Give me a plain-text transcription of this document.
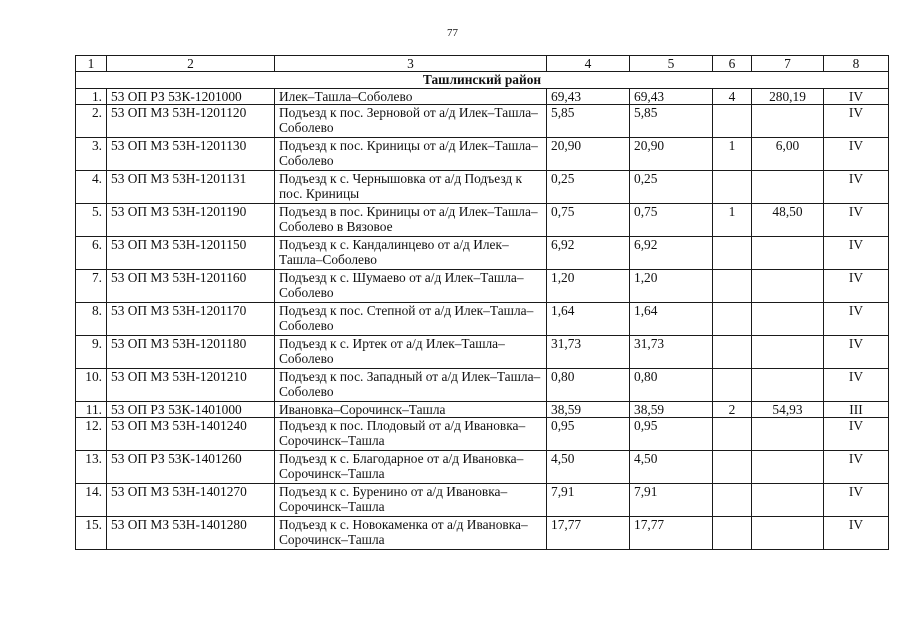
77
1	2	3	4	5	6	7	8
Ташлинский район							
1.	53 ОП РЗ 53К-1201000	Илек–Ташла–Соболево	69,43	69,43	4	280,19	IV
2.	53 ОП МЗ 53Н-1201120	Подъезд к пос. Зерновой от а/д Илек–Ташла–Соболево	5,85	5,85			IV
3.	53 ОП МЗ 53Н-1201130	Подъезд к пос. Криницы от а/д Илек–Ташла–Соболево	20,90	20,90	1	6,00	IV
4.	53 ОП МЗ 53Н-1201131	Подъезд к с. Чернышовка от а/д Подъезд к пос. Криницы	0,25	0,25			IV
5.	53 ОП МЗ 53Н-1201190	Подъезд в пос. Криницы от а/д Илек–Ташла–Соболево в Вязовое	0,75	0,75	1	48,50	IV
6.	53 ОП МЗ 53Н-1201150	Подъезд к с. Кандалинцево от а/д Илек–Ташла–Соболево	6,92	6,92			IV
7.	53 ОП МЗ 53Н-1201160	Подъезд к с. Шумаево от а/д Илек–Ташла–Соболево	1,20	1,20			IV
8.	53 ОП МЗ 53Н-1201170	Подъезд к пос. Степной от а/д Илек–Ташла–Соболево	1,64	1,64			IV
9.	53 ОП МЗ 53Н-1201180	Подъезд к с. Иртек от а/д Илек–Ташла–Соболево	31,73	31,73			IV
10.	53 ОП МЗ 53Н-1201210	Подъезд к пос. Западный от а/д Илек–Ташла–Соболево	0,80	0,80			IV
11.	53 ОП РЗ 53К-1401000	Ивановка–Сорочинск–Ташла	38,59	38,59	2	54,93	III
12.	53 ОП МЗ 53Н-1401240	Подъезд к пос. Плодовый от а/д Ивановка–Сорочинск–Ташла	0,95	0,95			IV
13.	53 ОП РЗ 53К-1401260	Подъезд к с. Благодарное от а/д Ивановка–Сорочинск–Ташла	4,50	4,50			IV
14.	53 ОП МЗ 53Н-1401270	Подъезд к с. Буренино от а/д Ивановка–Сорочинск–Ташла	7,91	7,91			IV
15.	53 ОП МЗ 53Н-1401280	Подъезд к с. Новокаменка от а/д Ивановка–Сорочинск–Ташла	17,77	17,77			IV
